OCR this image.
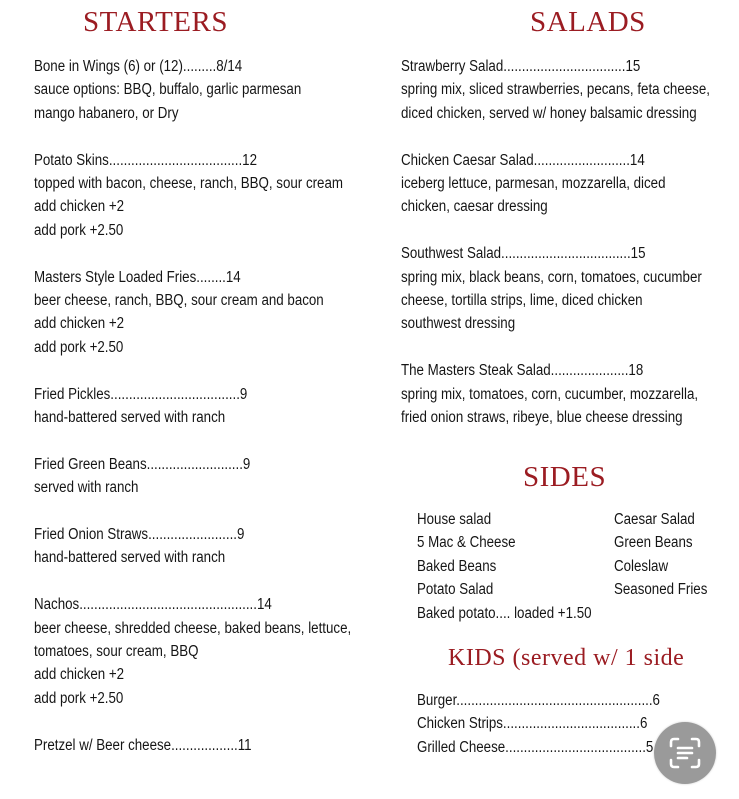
STARTERS	SALADS
SIDES
KIDS (served w/ 1 side
Bone in Wings (6) or (12).........8/14
sauce options: BBQ, buffalo, garlic parmesan
mango habanero, or Dry
Potato Skins....................................12
topped with bacon, cheese, ranch, BBQ, sour cream
add chicken +2
add pork +2.50
Masters Style Loaded Fries........14
beer cheese, ranch, BBQ, sour cream and bacon
add chicken +2
add pork +2.50
Fried Pickles...................................9
hand-battered served with ranch
Fried Green Beans..........................9
served with ranch
Fried Onion Straws........................9
hand-battered served with ranch
Nachos................................................14
beer cheese, shredded cheese, baked beans, lettuce,
tomatoes, sour cream, BBQ
add chicken +2
add pork +2.50
Pretzel w/ Beer cheese..................11
Strawberry Salad.................................15
spring mix, sliced strawberries, pecans, feta cheese,
diced chicken, served w/ honey balsamic dressing
Chicken Caesar Salad..........................14
iceberg lettuce, parmesan, mozzarella, diced
chicken, caesar dressing
Southwest Salad...................................15
spring mix, black beans, corn, tomatoes, cucumber
cheese, tortilla strips, lime, diced chicken
southwest dressing
The Masters Steak Salad.....................18
spring mix, tomatoes, corn, cucumber, mozzarella,
fried onion straws, ribeye, blue cheese dressing
House salad
5 Mac & Cheese
Baked Beans
Potato Salad
Baked potato.... loaded +1.50
Caesar Salad
Green Beans
Coleslaw
Seasoned Fries
Burger.....................................................6
Chicken Strips.....................................6
Grilled Cheese......................................5
